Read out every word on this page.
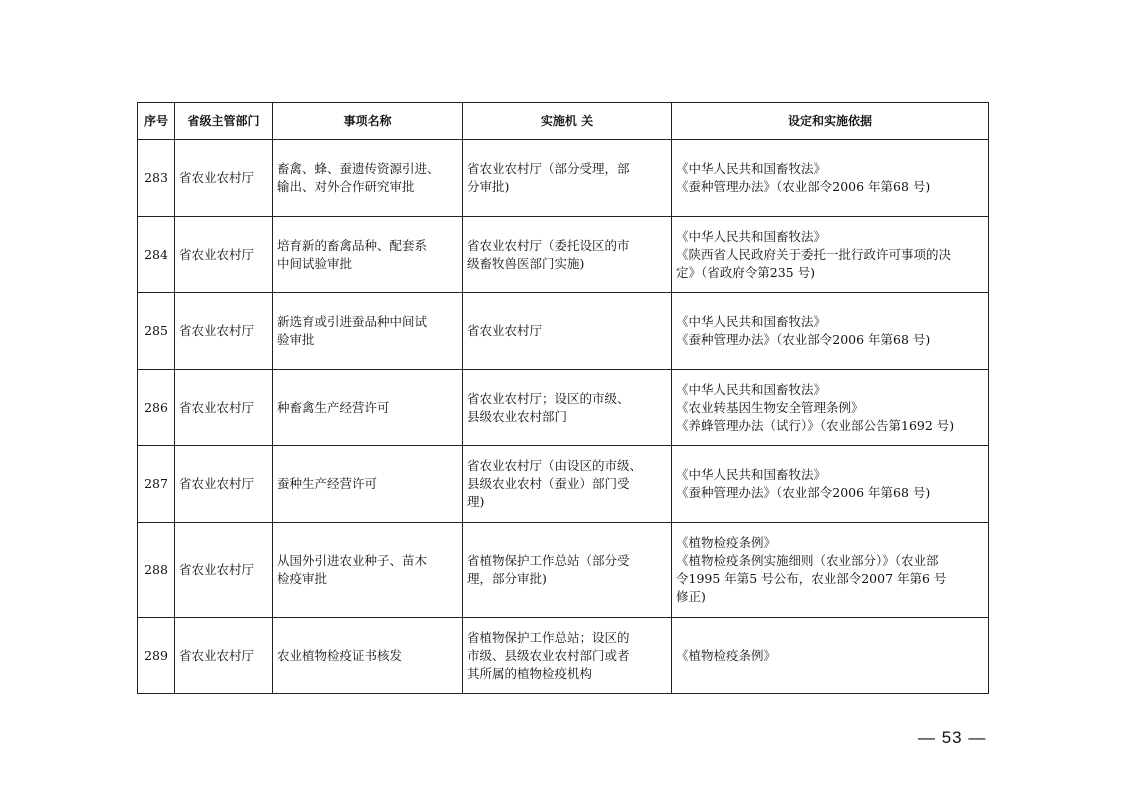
序号	省级主管部门	事项名称	实施机 关	设定和实施依据
283	省农业农村厅	畜禽、蜂、蚕遗传资源引进、
输出、对外合作研究审批	省农业农村厅（部分受理，部
分审批)	《中华人民共和国畜牧法》
《蚕种管理办法》（农业部令2006 年第68 号)

284	省农业农村厅	培育新的畜禽品种、配套系
中间试验审批	省农业农村厅（委托设区的市
级畜牧兽医部门实施)	《中华人民共和国畜牧法》
《陕西省人民政府关于委托一批行政许可事项的决
定》（省政府令第235 号)

285	省农业农村厅	新选育或引进蚕品种中间试
验审批	省农业农村厅	《中华人民共和国畜牧法》
《蚕种管理办法》（农业部令2006 年第68 号)

286	省农业农村厅	种畜禽生产经营许可	省农业农村厅；设区的市级、
县级农业农村部门	《中华人民共和国畜牧法》
《农业转基因生物安全管理条例》
《养蜂管理办法（试行）》（农业部公告第1692 号)

287	省农业农村厅	蚕种生产经营许可	省农业农村厅（由设区的市级、
县级农业农村（蚕业）部门受
理)	《中华人民共和国畜牧法》
《蚕种管理办法》（农业部令2006 年第68 号)

288	省农业农村厅	从国外引进农业种子、苗木
检疫审批	省植物保护工作总站（部分受
理，部分审批)	《植物检疫条例》
《植物检疫条例实施细则（农业部分）》（农业部
令1995 年第5 号公布，农业部令2007 年第6 号
修正)

289	省农业农村厅	农业植物检疫证书核发	省植物保护工作总站；设区的
市级、县级农业农村部门或者
其所属的植物检疫机构	《植物检疫条例》
— 53 —
